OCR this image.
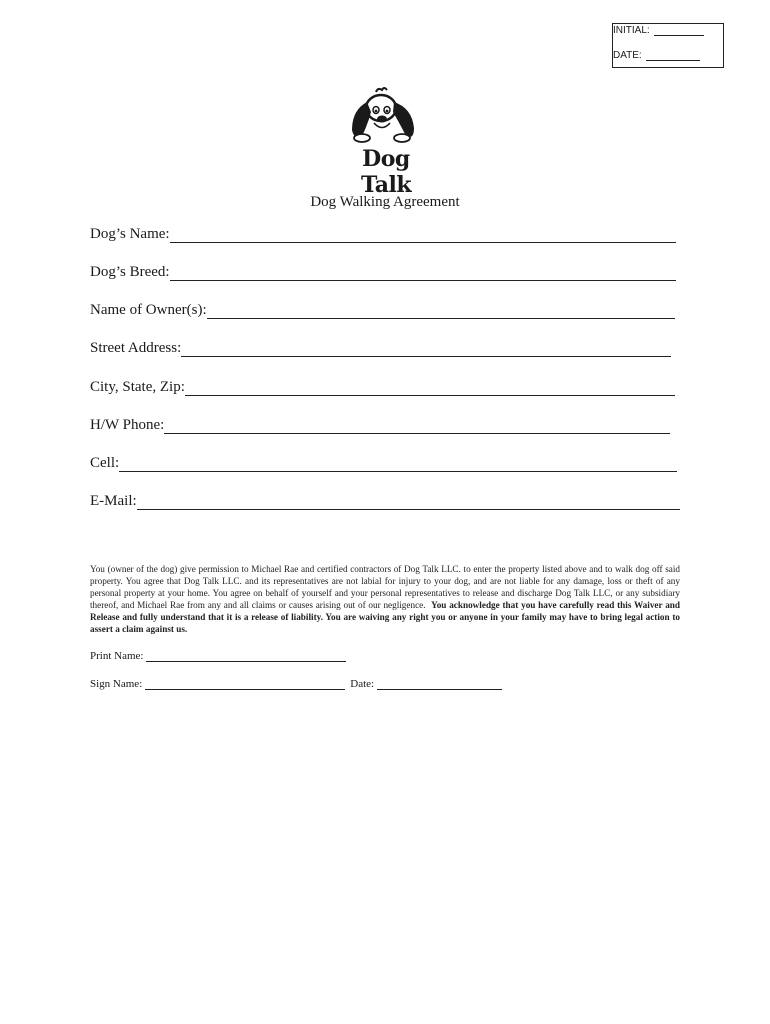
INITIAL:
DATE:
Dog Talk
Dog Walking Agreement
Dog’s Name:
Dog’s Breed:
Name of Owner(s):
Street Address:
City, State, Zip:
H/W Phone:
Cell:
E-Mail:
You (owner of the dog) give permission to Michael Rae and certified contractors of Dog Talk LLC. to enter the property listed above and to walk dog off said property. You agree that Dog Talk LLC. and its representatives are not labial for injury to your dog, and are not liable for any damage, loss or theft of any personal property at your home. You agree on behalf of yourself and your personal representatives to release and discharge Dog Talk LLC, or any subsidiary thereof, and Michael Rae from any and all claims or causes arising out of our negligence. You acknowledge that you have carefully read this Waiver and Release and fully understand that it is a release of liability. You are waiving any right you or anyone in your family may have to bring legal action to assert a claim against us.
Print Name:
Sign Name:	Date:
